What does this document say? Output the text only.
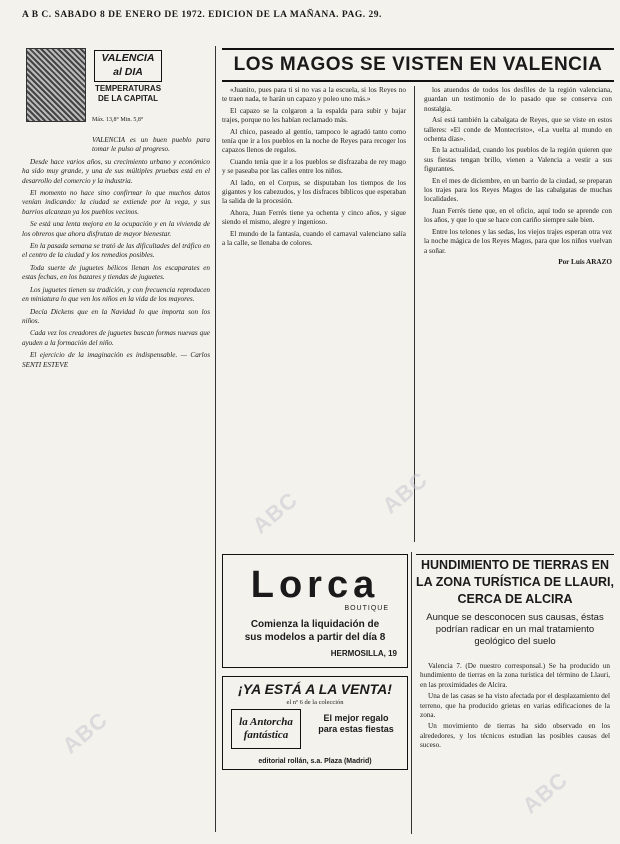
A B C. SABADO 8 DE ENERO DE 1972. EDICION DE LA MAÑANA. PAG. 29.
VALENCIA
al DIA
TEMPERATURAS
DE LA CAPITAL
Máx. 13,8° Min. 5,8°

VALENCIA es un buen pueblo para tomar le pulso al progreso.

Desde hace varios años, su crecimiento urbano y económico ha sido muy grande, y una de sus múltiples pruebas está en el desarrollo del comercio y la industria.

El momento no hace sino confirmar lo que muchos datos venían indicando: la ciudad se extiende por la vega, y sus barrios alcanzan ya los pueblos vecinos.

Se está una lenta mejora en la ocupación y en la vivienda de los obreros que ahora disfrutan de mayor bienestar.

En la pasada semana se trató de las dificultades del tráfico en el centro de la ciudad y los remedios posibles.

Toda suerte de juguetes bélicos llenan los escaparates en estas fechas, en los bazares y tiendas de juguetes.

Los juguetes tienen su tradición, y con frecuencia reproducen en miniatura lo que ven los niños en la vida de los mayores.

Decía Dickens que en la Navidad lo que importa son los niños.

Cada vez los creadores de juguetes buscan formas nuevas que ayuden a la formación del niño.

El ejercicio de la imaginación es indispensable. — Carlos SENTI ESTEVE

LOS MAGOS SE VISTEN EN VALENCIA

«Juanito, pues para ti si no vas a la escuela, si los Reyes no te traen nada, te harán un capazo y poleo uno más.»

El capazo se la colgaron a la espalda para subir y bajar trajes, porque no les habían reclamado más.

Al chico, paseado al gentío, tampoco le agradó tanto como tenía que ir a los pueblos en la noche de Reyes para recoger los capazos llenos de regalos.

Cuando tenía que ir a los pueblos se disfrazaba de rey mago y se paseaba por las calles entre los niños.

Al lado, en el Corpus, se disputaban los tiempos de los gigantes y los cabezudos, y los disfraces bíblicos que esperaban la salida de la procesión.

Ahora, Juan Ferrés tiene ya ochenta y cinco años, y sigue siendo el mismo, alegre y ingenioso.

El mundo de la fantasía, cuando el carnaval valenciano salía a la calle, se llenaba de colores.

los atuendos de todos los desfiles de la región valenciana, guardan un testimonio de lo pasado que se conserva con nostalgia.

Así está también la cabalgata de Reyes, que se viste en estos talleres: «El conde de Montecristo», «La vuelta al mundo en ochenta días».

En la actualidad, cuando los pueblos de la región quieren que sus fiestas tengan brillo, vienen a Valencia a vestir a sus figurantes.

En el mes de diciembre, en un barrio de la ciudad, se preparan los trajes para los Reyes Magos de las cabalgatas de muchas localidades.

Juan Ferrés tiene que, en el oficio, aquí todo se aprende con los años, y que lo que se hace con cariño siempre sale bien.

Entre los telones y las sedas, los viejos trajes esperan otra vez la noche mágica de los Reyes Magos, para que los niños vuelvan a soñar.

Por Luis ARAZO
Lorca
BOUTIQUE
Comienza la liquidación de
sus modelos a partir del día 8
HERMOSILLA, 19
¡YA ESTÁ A LA VENTA!
el nº 6 de la colección
la Antorcha fantástica
El mejor regalo para estas fiestas
editorial rollán, s.a. Plaza (Madrid)
HUNDIMIENTO DE TIERRAS EN LA ZONA TURÍSTICA DE LLAURI, CERCA DE ALCIRA
Aunque se desconocen sus causas, éstas podrían radicar en un mal tratamiento geológico del suelo

Valencia 7. (De nuestro corresponsal.) Se ha producido un hundimiento de tierras en la zona turística del término de Llauri, en las proximidades de Alcira.

Una de las casas se ha visto afectada por el desplazamiento del terreno, que ha producido grietas en varias edificaciones de la zona.

Un movimiento de tierras ha sido observado en los alrededores, y los técnicos estudian las posibles causas del suceso.

ABC	ABC
ABC
ABC
